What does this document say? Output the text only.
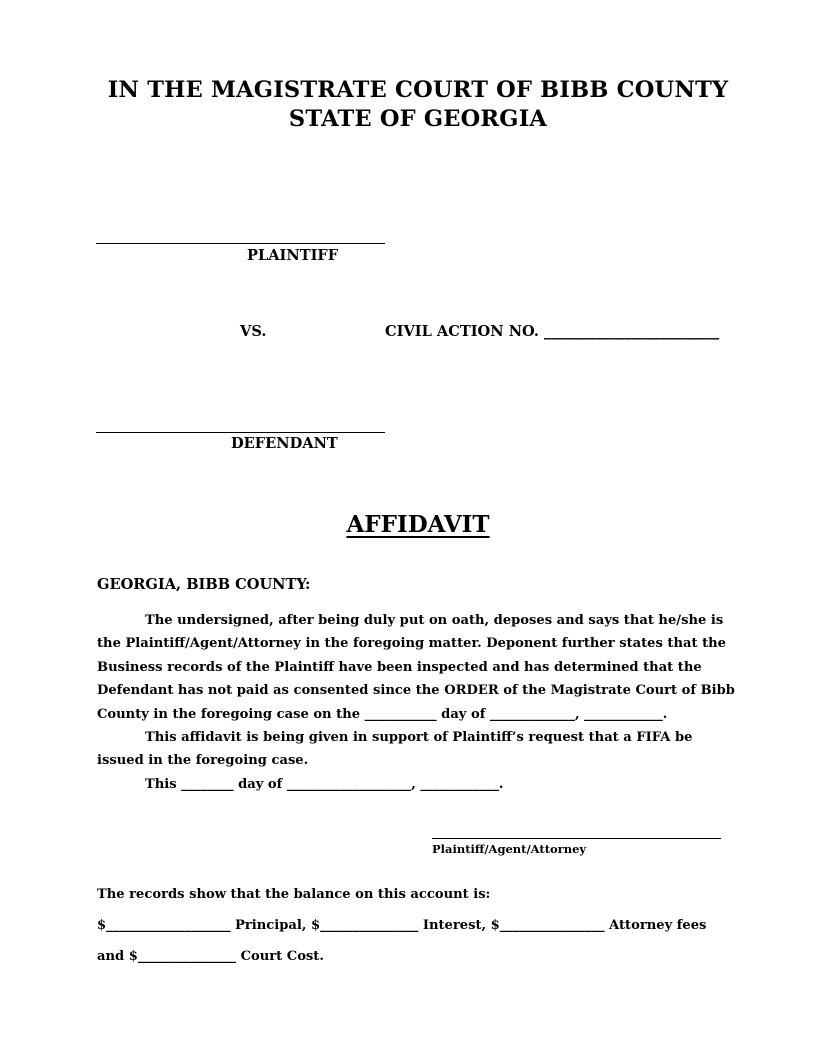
IN THE MAGISTRATE COURT OF BIBB COUNTY
STATE OF GEORGIA
PLAINTIFF
VS.	CIVIL ACTION NO. ________________________
DEFENDANT
AFFIDAVIT
GEORGIA, BIBB COUNTY:

The undersigned, after being duly put on oath, deposes and says that he/she is the Plaintiff/Agent/Attorney in the foregoing matter. Deponent further states that the Business records of the Plaintiff have been inspected and has determined that the Defendant has not paid as consented since the ORDER of the Magistrate Court of Bibb County in the foregoing case on the ___________ day of _____________, ____________.

This affidavit is being given in support of Plaintiff’s request that a FIFA be issued in the foregoing case.

This ________ day of ___________________, ____________.

Plaintiff/Agent/Attorney
The records show that the balance on this account is:
$___________________ Principal, $_______________ Interest, $________________ Attorney fees
and $_______________ Court Cost.
